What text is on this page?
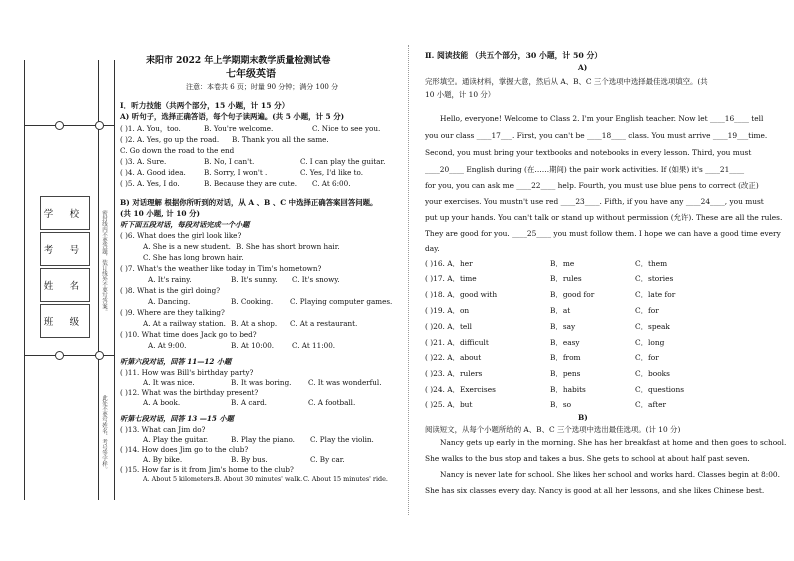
学 校
考 号
姓 名
班 级
密封线内不要答题，装订线外不要写答案。
此处不要写姓名、考号等字样。
耒阳市 2022 年上学期期末教学质量检测试卷
七年级英语
注意：本卷共 6 页；时量 90 分钟；满分 100 分
Ⅰ．听力技能（共两个部分，15 小题，计 15 分）
A) 听句子，选择正确答语，每个句子读两遍。(共 5 小题，计 5 分)
( )1. A. You，too.	B. You're welcome.	C. Nice to see you.
( )2. A. Yes, go up the road. B. Thank you all the same.
C. Go down the road to the end
( )3. A. Sure.	B. No, I can't.	C. I can play the guitar.
( )4. A. Good idea.	B. Sorry, I won't .	C. Yes, I'd like to.
( )5. A. Yes, I do.	B. Because they are cute. C. At 6:00.
B) 对话理解 根据你所听到的对话，从 A 、B 、C 中选择正确答案回答问题。
(共 10 小题, 计 10 分)
听下面五段对话，每段对话完成一个小题
( )6. What does the girl look like?
A. She is a new student. B. She has short brown hair.
C. She has long brown hair.
( )7. What's the weather like today in Tim's hometown?
A. It's rainy.	B. It's sunny. C. It's snowy.
( )8. What is the girl doing?
A. Dancing.	B. Cooking. C. Playing computer games.
( )9. Where are they talking?
A. At a railway station. B. At a shop. C. At a restaurant.
( )10. What time does Jack go to bed?
A. At 9:00.	B. At 10:00. C. At 11:00.
听第六段对话，回答 11—12 小题
( )11. How was Bill's birthday party?
A. It was nice.	B. It was boring. C. It was wonderful.
( )12. What was the birthday present?
A. A book.	B. A card.	C. A football.
听第七段对话，回答 13 —15 小题
( )13. What can Jim do?
A. Play the guitar.	B. Play the piano. C. Play the violin.
( )14. How does Jim go to the club?
A. By bike.	B. By bus.	C. By car.
( )15. How far is it from Jim's home to the club?
A. About 5 kilometers. B. About 30 minutes' walk. C. About 15 minutes' ride.
Ⅱ. 阅读技能 （共五个部分，30 小题，计 50 分）
A)
完形填空。通读材料，掌握大意，然后从 A、B、C 三个选项中选择最佳选项填空。(共
10 小题，计 10 分）
Hello, everyone! Welcome to Class 2. I'm your English teacher. Now let ____16____ tell
you our class ____17___. First, you can't be ____18____ class. You must arrive ____19___time.
Second, you must bring your textbooks and notebooks in every lesson. Third, you must
____20____ English during (在……期间) the pair work activities. If (如果) it's ____21____
for you, you can ask me ____22____ help. Fourth, you must use blue pens to correct (改正)
your exercises. You mustn't use red ____23____. Fifth, if you have any ____24____, you must
put up your hands. You can't talk or stand up without permission (允许). These are all the rules.
They are good for you. ____25____ you must follow them. I hope we can have a good time every
day.
( )16. A．her	B．me	C．them
( )17. A．time	B．rules	C．stories
( )18. A．good with	B．good for	C．late for
( )19. A．on	B．at	C．for
( )20. A．tell	B．say	C．speak
( )21. A．difficult	B．easy	C．long
( )22. A．about	B．from	C．for
( )23. A．rulers	B．pens	C．books
( )24. A．Exercises	B．habits	C．questions
( )25. A．but	B．so	C．after
B)
阅读短文，从每个小题所给的 A、B、C 三个选项中选出最佳选项。(计 10 分)
Nancy gets up early in the morning. She has her breakfast at home and then goes to school.
She walks to the bus stop and takes a bus. She gets to school at about half past seven.
Nancy is never late for school. She likes her school and works hard. Classes begin at 8:00.
She has six classes every day. Nancy is good at all her lessons, and she likes Chinese best.
